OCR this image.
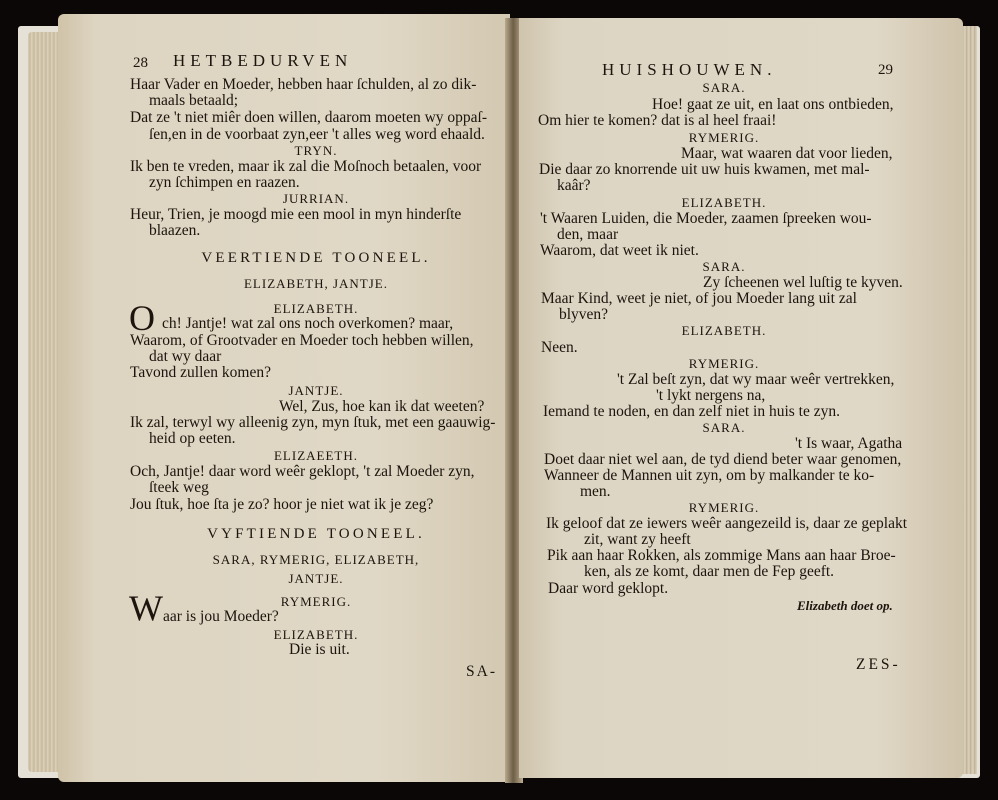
28 HETBEDURVEN
Haar Vader en Moeder, hebben haar ſchulden, al zo dik-
maals betaald;
Dat ze 't niet miêr doen willen, daarom moeten wy oppaſ-
ſen,en in de voorbaat zyn,eer 't alles weg word ehaald.
TRYN.
Ik ben te vreden, maar ik zal die Moſnoch betaalen, voor
zyn ſchimpen en raazen.
JURRIAN.
Heur, Trien, je moogd mie een mool in myn hinderſte
blaazen.
VEERTIENDE TOONEEL.
ELIZABETH, JANTJE.
ELIZABETH.
O ch! Jantje! wat zal ons noch overkomen? maar,
Waarom, of Grootvader en Moeder toch hebben willen,
dat wy daar
Tavond zullen komen?
JANTJE.
Wel, Zus, hoe kan ik dat weeten?
Ik zal, terwyl wy alleenig zyn, myn ſtuk, met een gaauwig-
heid op eeten.
ELIZAEETH.
Och, Jantje! daar word weêr geklopt, 't zal Moeder zyn,
ſteek weg
Jou ſtuk, hoe ſta je zo? hoor je niet wat ik je zeg?
VYFTIENDE TOONEEL.
SARA, RYMERIG, ELIZABETH,
JANTJE.
RYMERIG.
W aar is jou Moeder?
ELIZABETH.
Die is uit.
SA-
HUISHOUWEN.	29
SARA.
Hoe! gaat ze uit, en laat ons ontbieden,
Om hier te komen? dat is al heel fraai!
RYMERIG.
Maar, wat waaren dat voor lieden,
Die daar zo knorrende uit uw huis kwamen, met mal-
kaâr?
ELIZABETH.
't Waaren Luiden, die Moeder, zaamen ſpreeken wou-
den, maar
Waarom, dat weet ik niet.
SARA.
Zy ſcheenen wel luſtig te kyven.
Maar Kind, weet je niet, of jou Moeder lang uit zal
blyven?
ELIZABETH.
Neen.
RYMERIG.
't Zal beſt zyn, dat wy maar weêr vertrekken,
't lykt nergens na,
Iemand te noden, en dan zelf niet in huis te zyn.
SARA.
't Is waar, Agatha
Doet daar niet wel aan, de tyd diend beter waar genomen,
Wanneer de Mannen uit zyn, om by malkander te ko-
men.
RYMERIG.
Ik geloof dat ze iewers weêr aangezeild is, daar ze geplakt
zit, want zy heeft
Pik aan haar Rokken, als zommige Mans aan haar Broe-
ken, als ze komt, daar men de Fep geeft.
Daar word geklopt.
Elizabeth doet op.
ZES-
